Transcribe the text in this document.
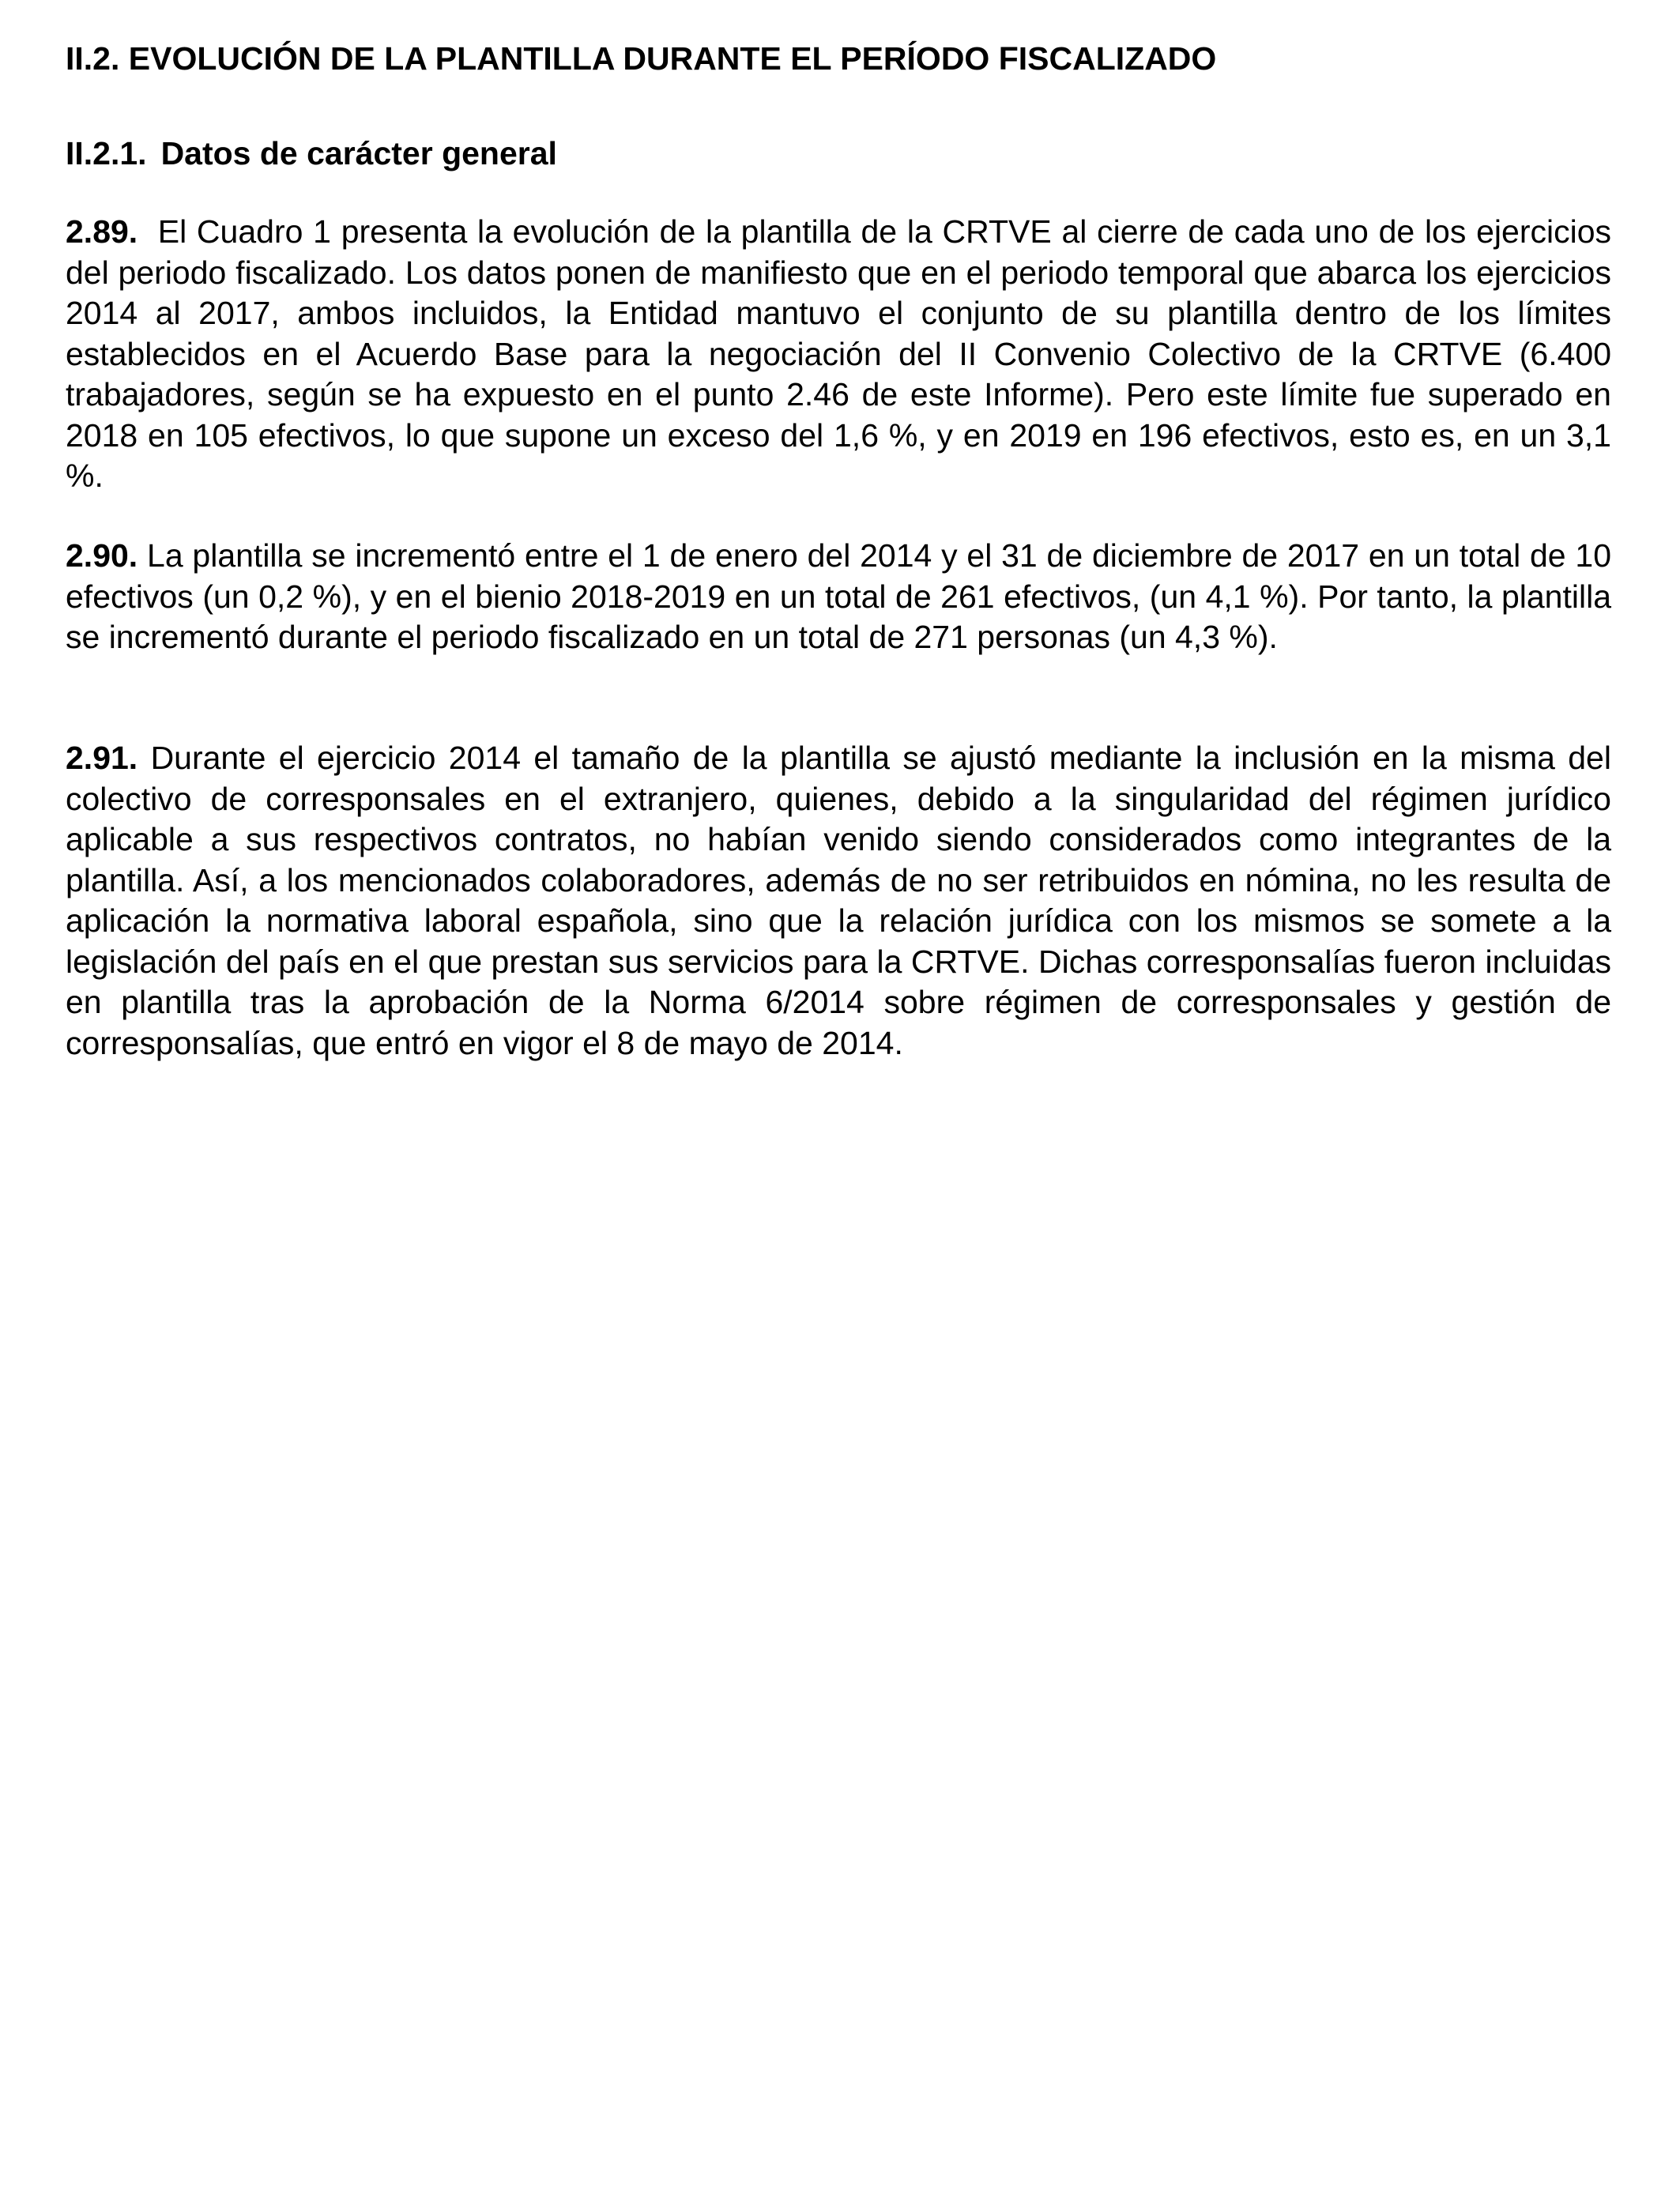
II.2. EVOLUCIÓN DE LA PLANTILLA DURANTE EL PERÍODO FISCALIZADO
II.2.1. Datos de carácter general

2.89. El Cuadro 1 presenta la evolución de la plantilla de la CRTVE al cierre de cada uno de los ejercicios del periodo fiscalizado. Los datos ponen de manifiesto que en el periodo temporal que abarca los ejercicios 2014 al 2017, ambos incluidos, la Entidad mantuvo el conjunto de su plantilla dentro de los límites establecidos en el Acuerdo Base para la negociación del II Convenio Colectivo de la CRTVE (6.400 trabajadores, según se ha expuesto en el punto 2.46 de este Informe). Pero este límite fue superado en 2018 en 105 efectivos, lo que supone un exceso del 1,6 %, y en 2019 en 196 efectivos, esto es, en un 3,1 %.

2.90. La plantilla se incrementó entre el 1 de enero del 2014 y el 31 de diciembre de 2017 en un total de 10 efectivos (un 0,2 %), y en el bienio 2018-2019 en un total de 261 efectivos, (un 4,1 %). Por tanto, la plantilla se incrementó durante el periodo fiscalizado en un total de 271 personas (un 4,3 %).

2.91. Durante el ejercicio 2014 el tamaño de la plantilla se ajustó mediante la inclusión en la misma del colectivo de corresponsales en el extranjero, quienes, debido a la singularidad del régimen jurídico aplicable a sus respectivos contratos, no habían venido siendo considerados como integrantes de la plantilla. Así, a los mencionados colaboradores, además de no ser retribuidos en nómina, no les resulta de aplicación la normativa laboral española, sino que la relación jurídica con los mismos se somete a la legislación del país en el que prestan sus servicios para la CRTVE. Dichas corresponsalías fueron incluidas en plantilla tras la aprobación de la Norma 6/2014 sobre régimen de corresponsales y gestión de corresponsalías, que entró en vigor el 8 de mayo de 2014.
